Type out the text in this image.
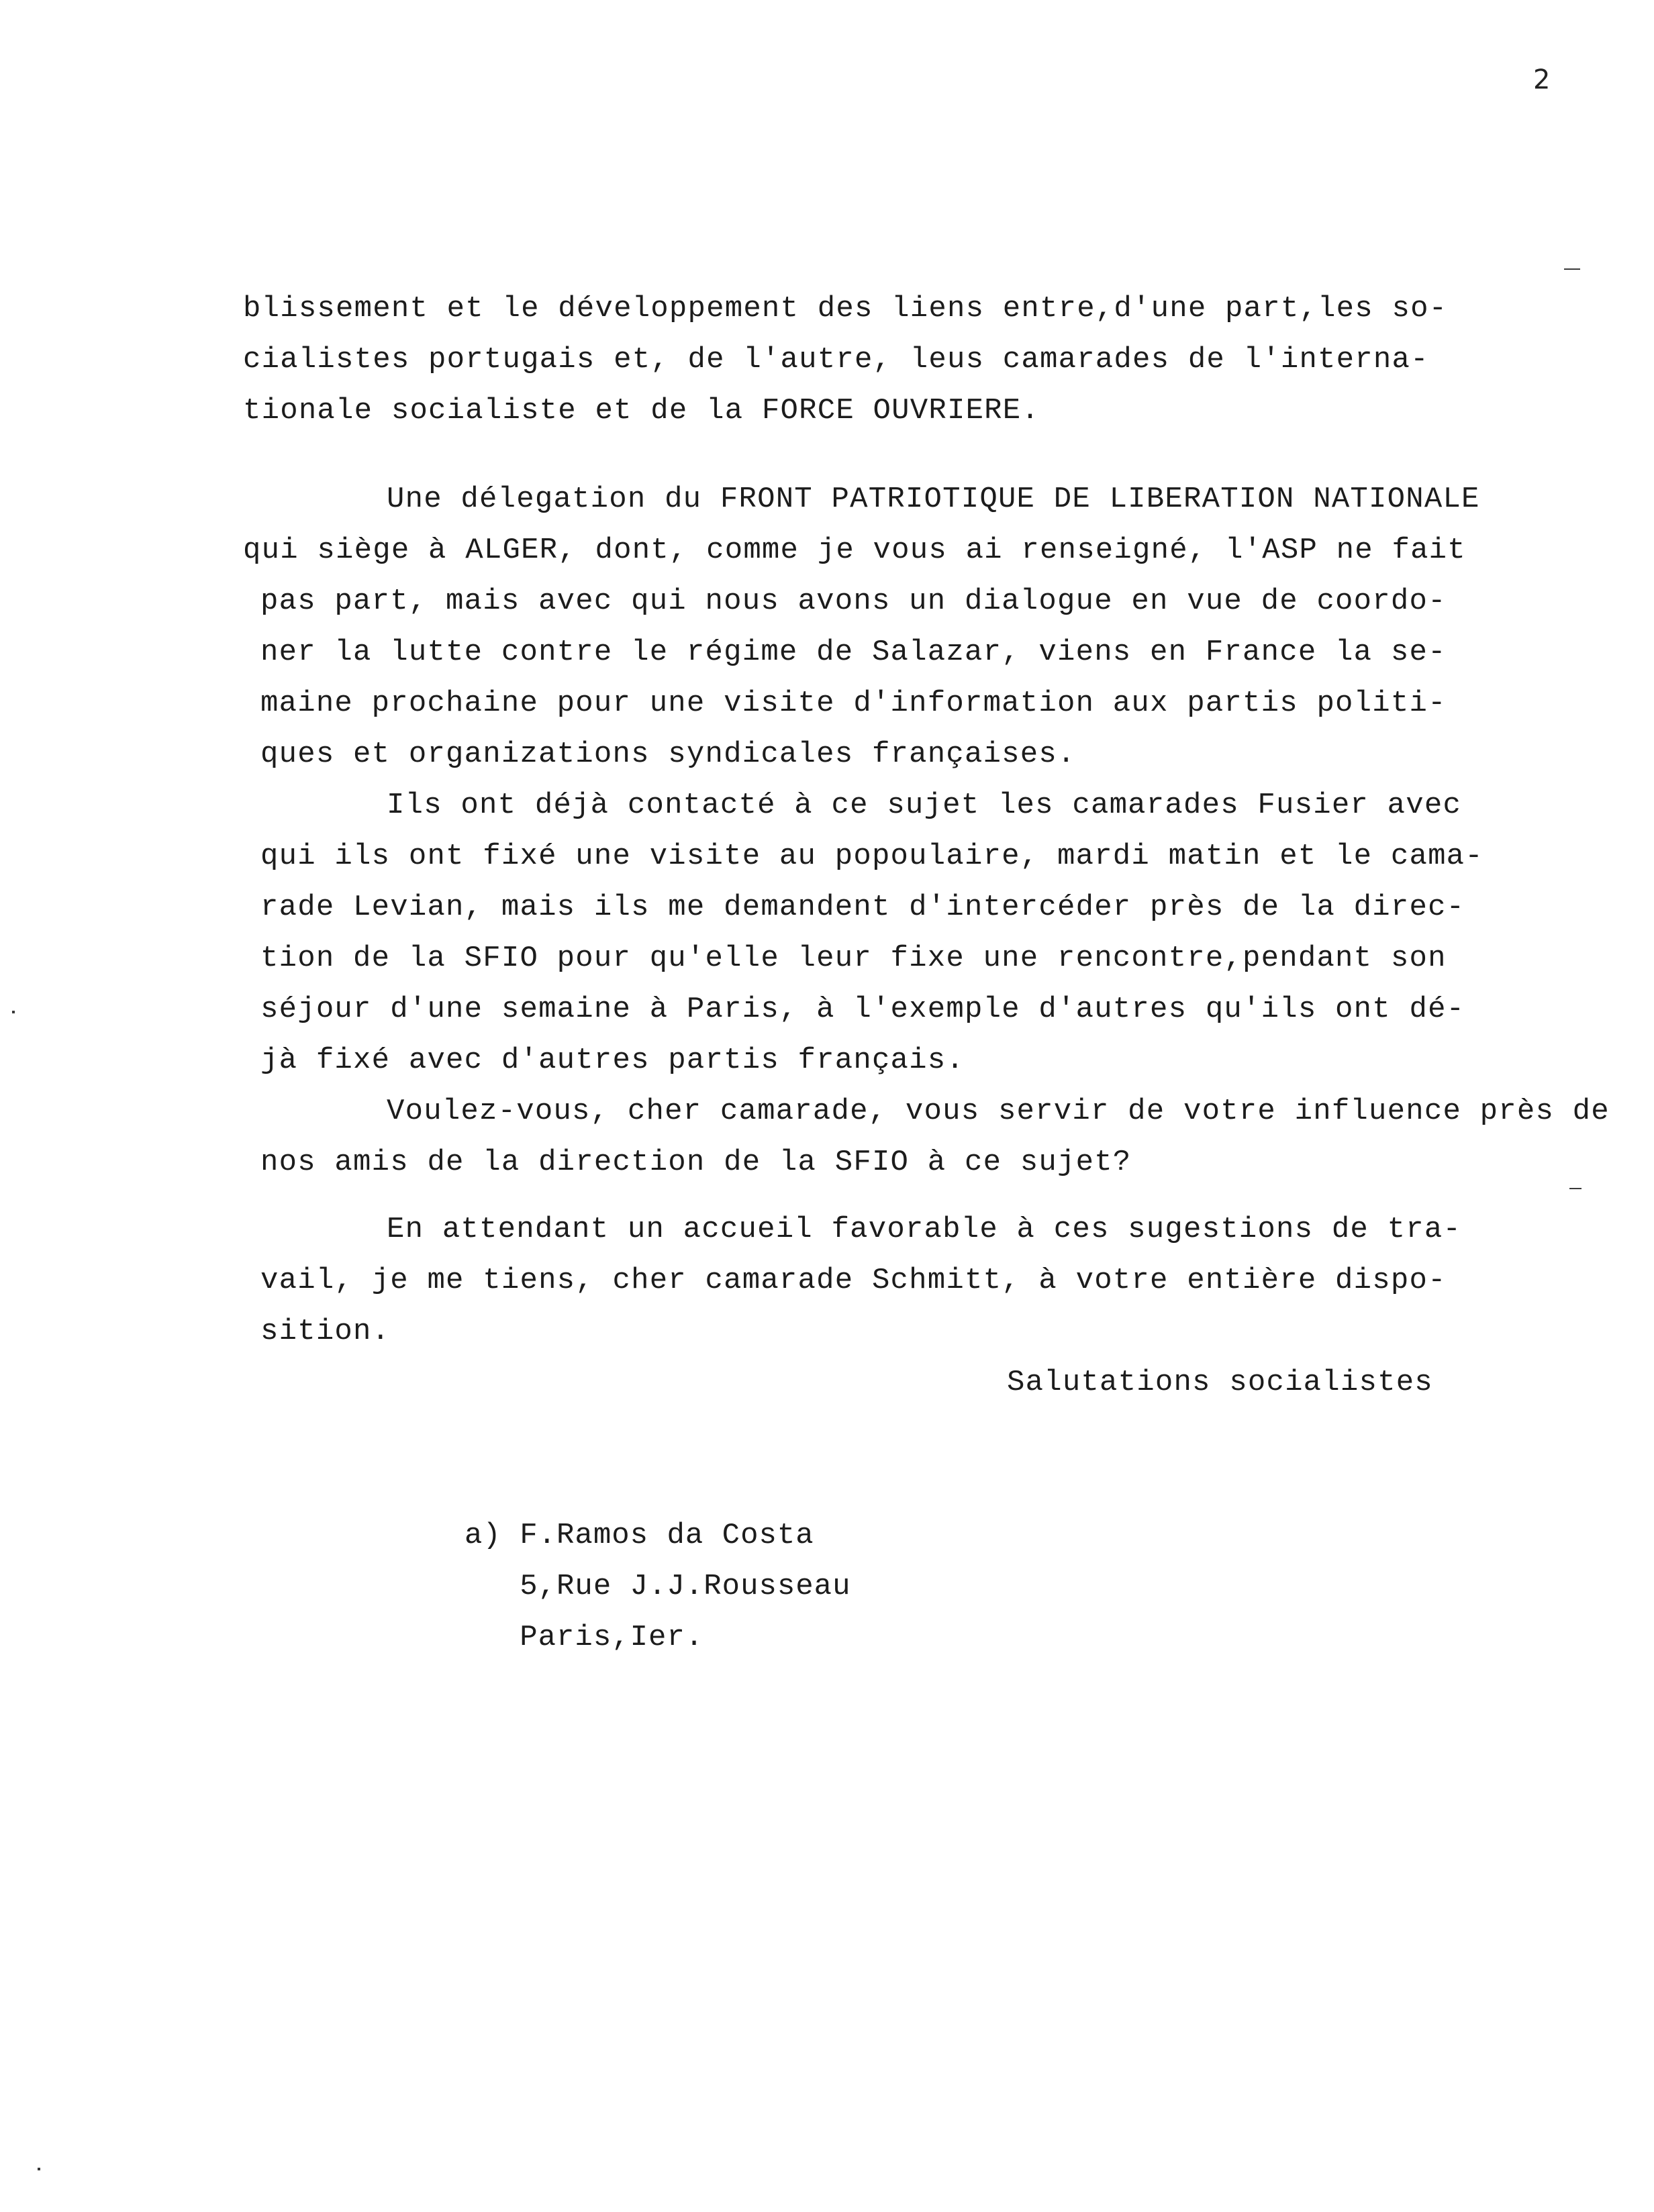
2
blissement et le développement des liens entre,d'une part,les so-
cialistes portugais et, de l'autre, leus camarades de l'interna-
tionale socialiste et de la FORCE OUVRIERE.
Une délegation du FRONT PATRIOTIQUE DE LIBERATION NATIONALE
qui siège à ALGER, dont, comme je vous ai renseigné, l'ASP ne fait
pas part, mais avec qui nous avons un dialogue en vue de coordo-
ner la lutte contre le régime de Salazar, viens en France la se-
maine prochaine pour une visite d'information aux partis politi-
ques et organizations syndicales françaises.
Ils ont déjà contacté à ce sujet les camarades Fusier avec
qui ils ont fixé une visite au popoulaire, mardi matin et le cama-
rade Levian, mais ils me demandent d'intercéder près de la direc-
tion de la SFIO pour qu'elle leur fixe une rencontre,pendant son
séjour d'une semaine à Paris, à l'exemple d'autres qu'ils ont dé-
jà fixé avec d'autres partis français.
Voulez-vous, cher camarade, vous servir de votre influence près de
nos amis de la direction de la SFIO à ce sujet?
En attendant un accueil favorable à ces sugestions de tra-
vail, je me tiens, cher camarade Schmitt, à votre entière dispo-
sition.
Salutations socialistes
a) F.Ramos da Costa
5,Rue J.J.Rousseau
Paris,Ier.
